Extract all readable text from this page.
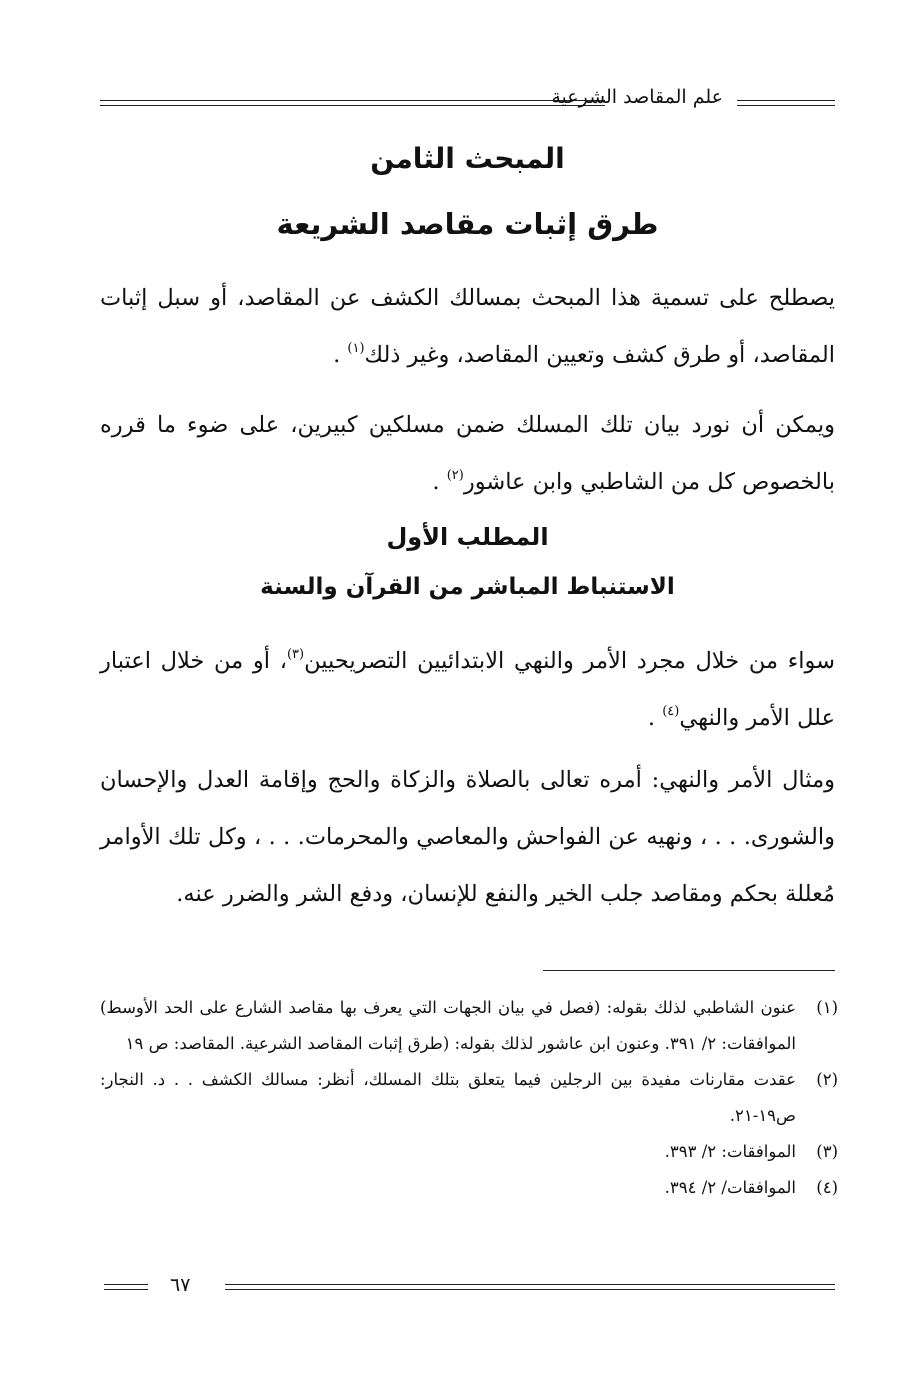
علم المقاصد الشرعية
المبحث الثامن
طرق إثبات مقاصد الشريعة
يصطلح على تسمية هذا المبحث بمسالك الكشف عن المقاصد، أو سبل إثبات المقاصد، أو طرق كشف وتعيين المقاصد، وغير ذلك$^{(١)}$ .
ويمكن أن نورد بيان تلك المسلك ضمن مسلكين كبيرين، على ضوء ما قرره بالخصوص كل من الشاطبي وابن عاشور$^{(٢)}$ .
المطلب الأول
الاستنباط المباشر من القرآن والسنة
سواء من خلال مجرد الأمر والنهي الابتدائيين التصريحيين$^{(٣)}$، أو من خلال اعتبار علل الأمر والنهي$^{(٤)}$ .
ومثال الأمر والنهي: أمره تعالى بالصلاة والزكاة والحج وإقامة العدل والإحسان والشورى. . . ، ونهيه عن الفواحش والمعاصي والمحرمات. . . ، وكل تلك الأوامر مُعللة بحكم ومقاصد جلب الخير والنفع للإنسان، ودفع الشر والضرر عنه.
(١)
عنون الشاطبي لذلك بقوله: (فصل في بيان الجهات التي يعرف بها مقاصد الشارع على الحد الأوسط) الموافقات: ٢/ ٣٩١. وعنون ابن عاشور لذلك بقوله: (طرق إثبات المقاصد الشرعية. المقاصد: ص ١٩
(٢)
عقدت مقارنات مفيدة بين الرجلين فيما يتعلق بتلك المسلك، أنظر: مسالك الكشف . . د. النجار: ص١٩-٢١.
(٣)
الموافقات: ٢/ ٣٩٣.
(٤)
الموافقات/ ٢/ ٣٩٤.
٦٧
